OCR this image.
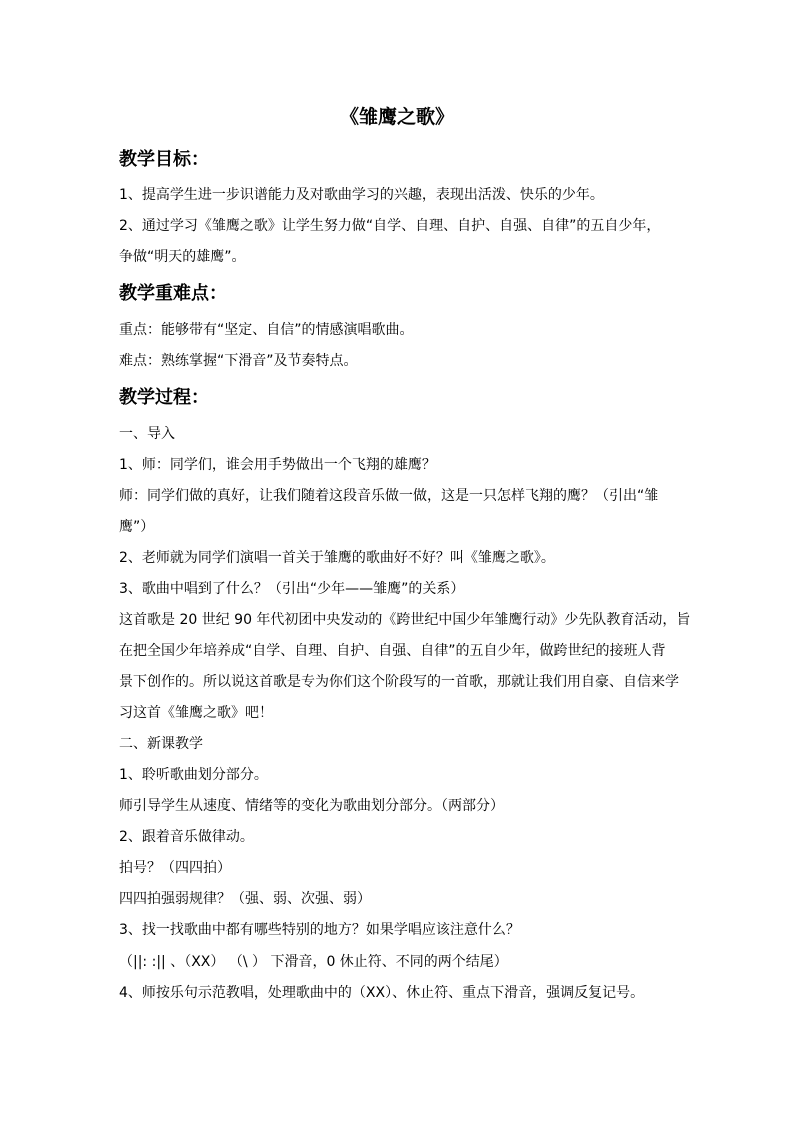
《雏鹰之歌》
教学目标：
1、提高学生进一步识谱能力及对歌曲学习的兴趣，表现出活泼、快乐的少年。
2、通过学习《雏鹰之歌》让学生努力做“自学、自理、自护、自强、自律”的五自少年，
争做“明天的雄鹰”。
教学重难点：
重点：能够带有“坚定、自信”的情感演唱歌曲。
难点：熟练掌握“下滑音”及节奏特点。
教学过程：
一、导入
1、师：同学们，谁会用手势做出一个飞翔的雄鹰？
师：同学们做的真好，让我们随着这段音乐做一做，这是一只怎样飞翔的鹰？（引出“雏
鹰”）
2、老师就为同学们演唱一首关于雏鹰的歌曲好不好？叫《雏鹰之歌》。
3、歌曲中唱到了什么？（引出“少年——雏鹰”的关系）
这首歌是 20 世纪 90 年代初团中央发动的《跨世纪中国少年雏鹰行动》少先队教育活动，旨
在把全国少年培养成“自学、自理、自护、自强、自律”的五自少年，做跨世纪的接班人背
景下创作的。所以说这首歌是专为你们这个阶段写的一首歌，那就让我们用自豪、自信来学
习这首《雏鹰之歌》吧！
二、新课教学
1、聆听歌曲划分部分。
师引导学生从速度、情绪等的变化为歌曲划分部分。（两部分）
2、跟着音乐做律动。
拍号？（四四拍）
四四拍强弱规律？（强、弱、次强、弱）
3、找一找歌曲中都有哪些特别的地方？如果学唱应该注意什么？
（||: :|| 、（XX） （\ ） 下滑音，0 休止符、不同的两个结尾）
4、师按乐句示范教唱，处理歌曲中的（XX）、休止符、重点下滑音，强调反复记号。
